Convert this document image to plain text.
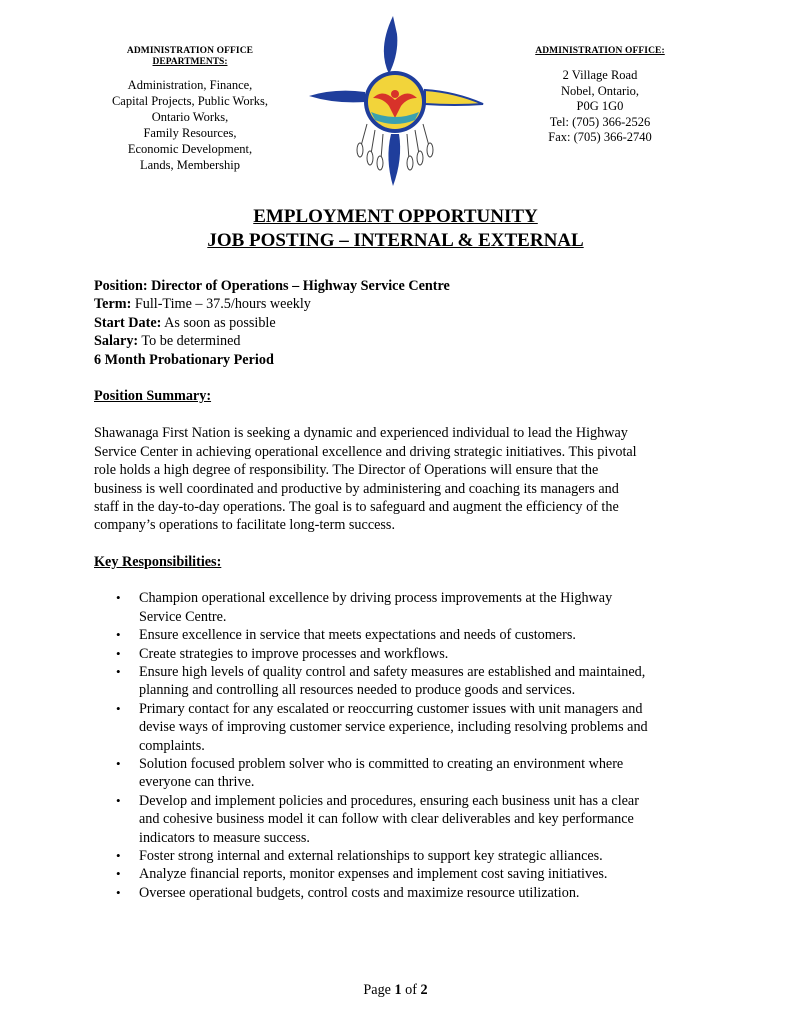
ADMINISTRATION OFFICE
DEPARTMENTS:
Administration, Finance,
Capital Projects, Public Works,
Ontario Works,
Family Resources,
Economic Development,
Lands, Membership
ADMINISTRATION OFFICE:
2 Village Road
Nobel, Ontario,
P0G 1G0
Tel: (705) 366-2526
Fax: (705) 366-2740
EMPLOYMENT OPPORTUNITY
JOB POSTING – INTERNAL & EXTERNAL

Position: Director of Operations – Highway Service Centre

Term: Full-Time – 37.5/hours weekly

Start Date: As soon as possible

Salary: To be determined

6 Month Probationary Period

Position Summary:

Shawanaga First Nation is seeking a dynamic and experienced individual to lead the Highway

Service Center in achieving operational excellence and driving strategic initiatives. This pivotal

role holds a high degree of responsibility. The Director of Operations will ensure that the

business is well coordinated and productive by administering and coaching its managers and

staff in the day-to-day operations. The goal is to safeguard and augment the efficiency of the

company’s operations to facilitate long-term success.

Key Responsibilities:

• Champion operational excellence by driving process improvements at the Highway
Service Centre.
• Ensure excellence in service that meets expectations and needs of customers.
• Create strategies to improve processes and workflows.
• Ensure high levels of quality control and safety measures are established and maintained,
planning and controlling all resources needed to produce goods and services.
• Primary contact for any escalated or reoccurring customer issues with unit managers and
devise ways of improving customer service experience, including resolving problems and
complaints.
• Solution focused problem solver who is committed to creating an environment where
everyone can thrive.
• Develop and implement policies and procedures, ensuring each business unit has a clear
and cohesive business model it can follow with clear deliverables and key performance
indicators to measure success.
• Foster strong internal and external relationships to support key strategic alliances.
• Analyze financial reports, monitor expenses and implement cost saving initiatives.
• Oversee operational budgets, control costs and maximize resource utilization.
Page 1 of 2
